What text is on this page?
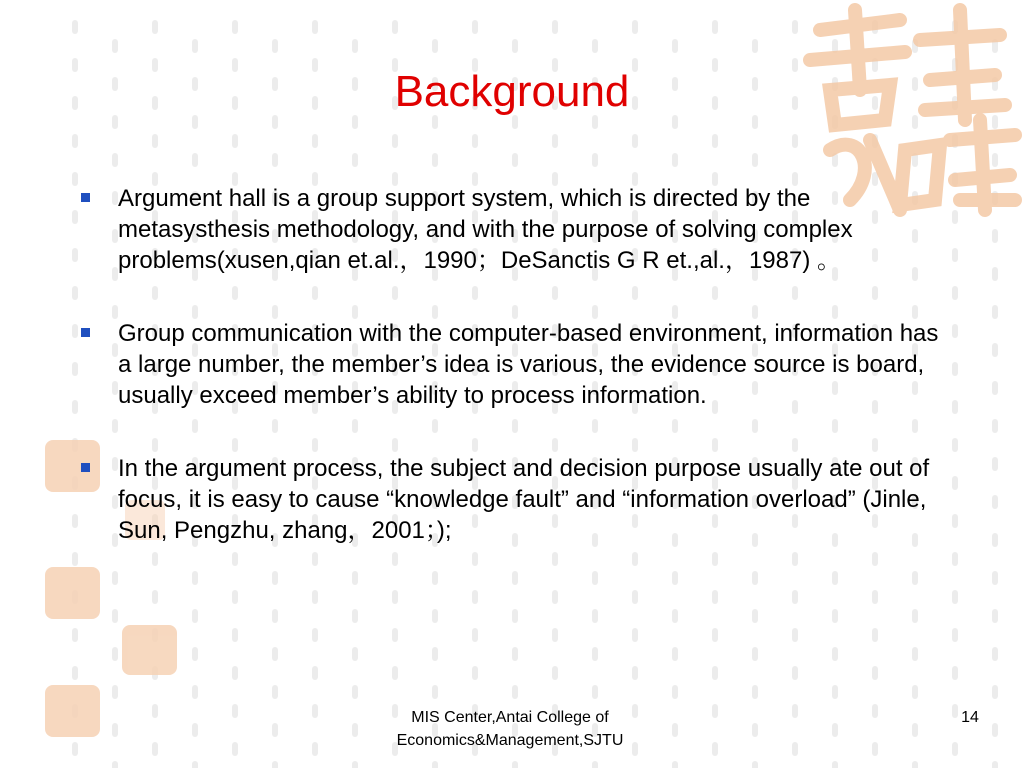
Background
Argument hall is a group support system, which is directed by the metasysthesis methodology, and with the purpose of solving complex problems(xusen,qian et.al.，1990；DeSanctis G R et.,al.，1987) 。
Group communication with the computer-based environment, information has a large number, the member’s idea is various, the evidence source is board, usually exceed member’s ability to process information.
In the argument process, the subject and decision purpose usually ate out of focus, it is easy to cause “knowledge fault” and “information overload” (Jinle, Sun, Pengzhu, zhang，2001；);
MIS Center,Antai College of
Economics&Management,SJTU
14
